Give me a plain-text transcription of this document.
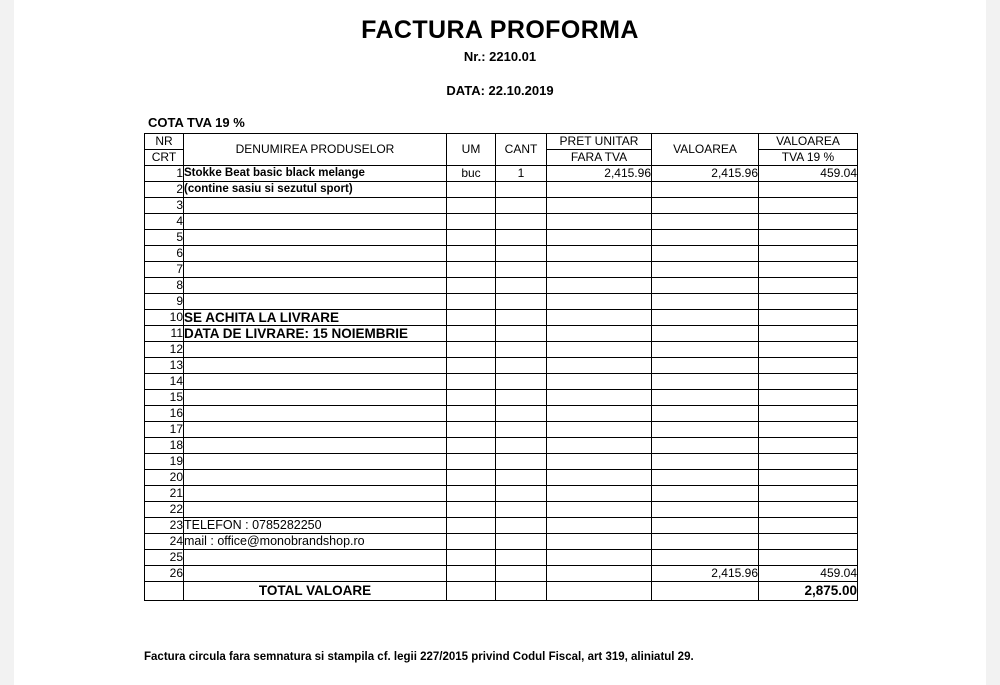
FACTURA PROFORMA
Nr.: 2210.01
DATA: 22.10.2019
COTA TVA 19 %
NR	DENUMIREA PRODUSELOR	UM	CANT	PRET UNITAR	VALOAREA	VALOAREA
CRT				FARA TVA		TVA 19 %
1	Stokke Beat basic black melange	buc	1	2,415.96	2,415.96	459.04
2	(contine sasiu si sezutul sport)					
3						
4						
5						
6						
7						
8						
9						
10	SE ACHITA LA LIVRARE					
11	DATA DE LIVRARE: 15 NOIEMBRIE					
12						
13						
14						
15						
16						
17						
18						
19						
20						
21						
22						
23	TELEFON : 0785282250					
24	mail : office@monobrandshop.ro					
25						
26					2,415.96	459.04
	TOTAL VALOARE					2,875.00
Factura circula fara semnatura si stampila cf. legii 227/2015 privind Codul Fiscal, art 319, aliniatul 29.
